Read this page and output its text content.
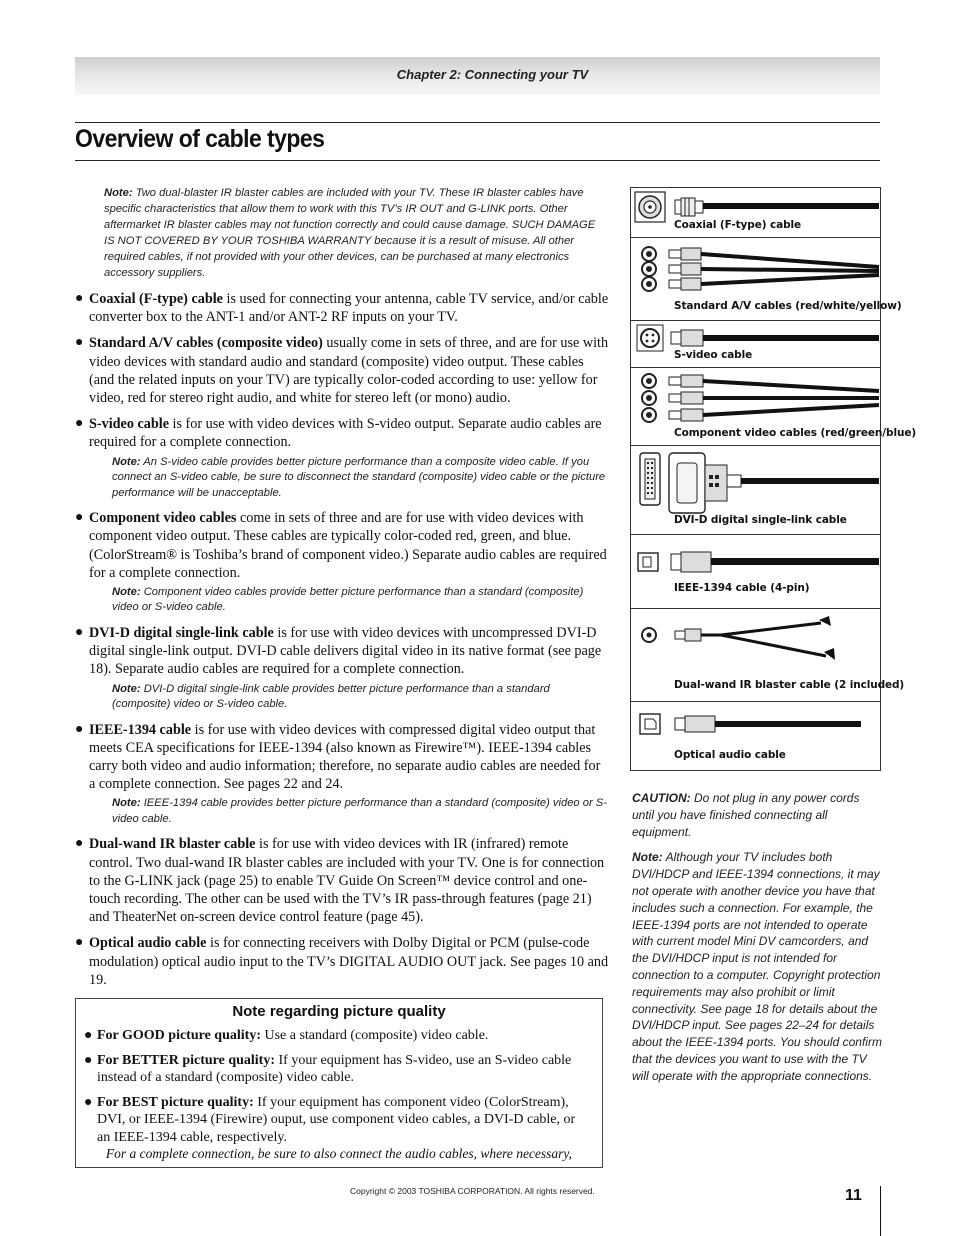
Chapter 2: Connecting your TV
Overview of cable types
Note: Two dual-blaster IR blaster cables are included with your TV. These IR blaster cables have specific characteristics that allow them to work with this TV’s IR OUT and G-LINK ports. Other aftermarket IR blaster cables may not function correctly and could cause damage. SUCH DAMAGE IS NOT COVERED BY YOUR TOSHIBA WARRANTY because it is a result of misuse. All other required cables, if not provided with your other devices, can be purchased at many electronics accessory suppliers.
● Coaxial (F-type) cable is used for connecting your antenna, cable TV service, and/or cable converter box to the ANT-1 and/or ANT-2 RF inputs on your TV.
● Standard A/V cables (composite video) usually come in sets of three, and are for use with video devices with standard audio and standard (composite) video output. These cables (and the related inputs on your TV) are typically color-coded according to use: yellow for video, red for stereo right audio, and white for stereo left (or mono) audio.
● S-video cable is for use with video devices with S-video output. Separate audio cables are required for a complete connection.
Note: An S-video cable provides better picture performance than a composite video cable. If you connect an S-video cable, be sure to disconnect the standard (composite) video cable or the picture performance will be unacceptable.
● Component video cables come in sets of three and are for use with video devices with component video output. These cables are typically color-coded red, green, and blue. (ColorStream® is Toshiba’s brand of component video.) Separate audio cables are required for a complete connection.
Note: Component video cables provide better picture performance than a standard (composite) video or S-video cable.
● DVI-D digital single-link cable is for use with video devices with uncompressed DVI-D digital single-link output. DVI-D cable delivers digital video in its native format (see page 18). Separate audio cables are required for a complete connection.
Note: DVI-D digital single-link cable provides better picture performance than a standard (composite) video or S-video cable.
● IEEE-1394 cable is for use with video devices with compressed digital video output that meets CEA specifications for IEEE-1394 (also known as Firewire™). IEEE-1394 cables carry both video and audio information; therefore, no separate audio cables are needed for a complete connection. See pages 22 and 24.
Note: IEEE-1394 cable provides better picture performance than a standard (composite) video or S-video cable.
● Dual-wand IR blaster cable is for use with video devices with IR (infrared) remote control. Two dual-wand IR blaster cables are included with your TV. One is for connection to the G-LINK jack (page 25) to enable TV Guide On Screen™ device control and one-touch recording. The other can be used with the TV’s IR pass-through features (page 21) and TheaterNet on-screen device control feature (page 45).
● Optical audio cable is for connecting receivers with Dolby Digital or PCM (pulse-code modulation) optical audio input to the TV’s DIGITAL AUDIO OUT jack. See pages 10 and 19.
Note regarding picture quality
● For GOOD picture quality: Use a standard (composite) video cable.
● For BETTER picture quality: If your equipment has S-video, use an S-video cable instead of a standard (composite) video cable.
● For BEST picture quality: If your equipment has component video (ColorStream), DVI, or IEEE-1394 (Firewire) ouput, use component video cables, a DVI-D cable, or an IEEE-1394 cable, respectively.
For a complete connection, be sure to also connect the audio cables, where necessary,
Coaxial (F-type) cable
Standard A/V cables (red/white/yellow)
S-video cable
Component video cables (red/green/blue)
DVI-D digital single-link cable
IEEE-1394 cable (4-pin)
Dual-wand IR blaster cable (2 included)
Optical audio cable

CAUTION: Do not plug in any power cords until you have finished connecting all equipment.

Note: Although your TV includes both DVI/HDCP and IEEE-1394 connections, it may not operate with another device you have that includes such a connection. For example, the IEEE-1394 ports are not intended to operate with current model Mini DV camcorders, and the DVI/HDCP input is not intended for connection to a computer. Copyright protection requirements may also prohibit or limit connectivity. See page 18 for details about the DVI/HDCP input. See pages 22–24 for details about the IEEE-1394 ports. You should confirm that the devices you want to use with the TV will operate with the appropriate connections.

Copyright © 2003 TOSHIBA CORPORATION. All rights reserved.	11
